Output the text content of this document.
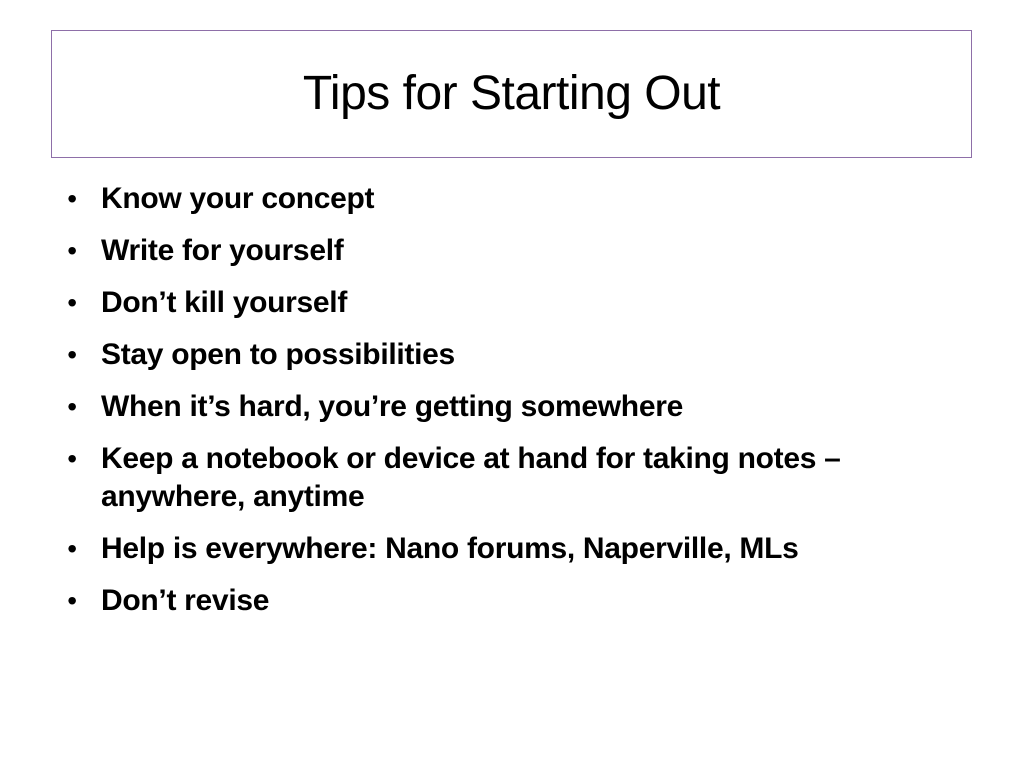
Tips for Starting Out
• Know your concept
• Write for yourself
• Don’t kill yourself
• Stay open to possibilities
• When it’s hard, you’re getting somewhere
• Keep a notebook or device at hand for taking notes – anywhere, anytime
• Help is everywhere: Nano forums, Naperville, MLs
• Don’t revise
